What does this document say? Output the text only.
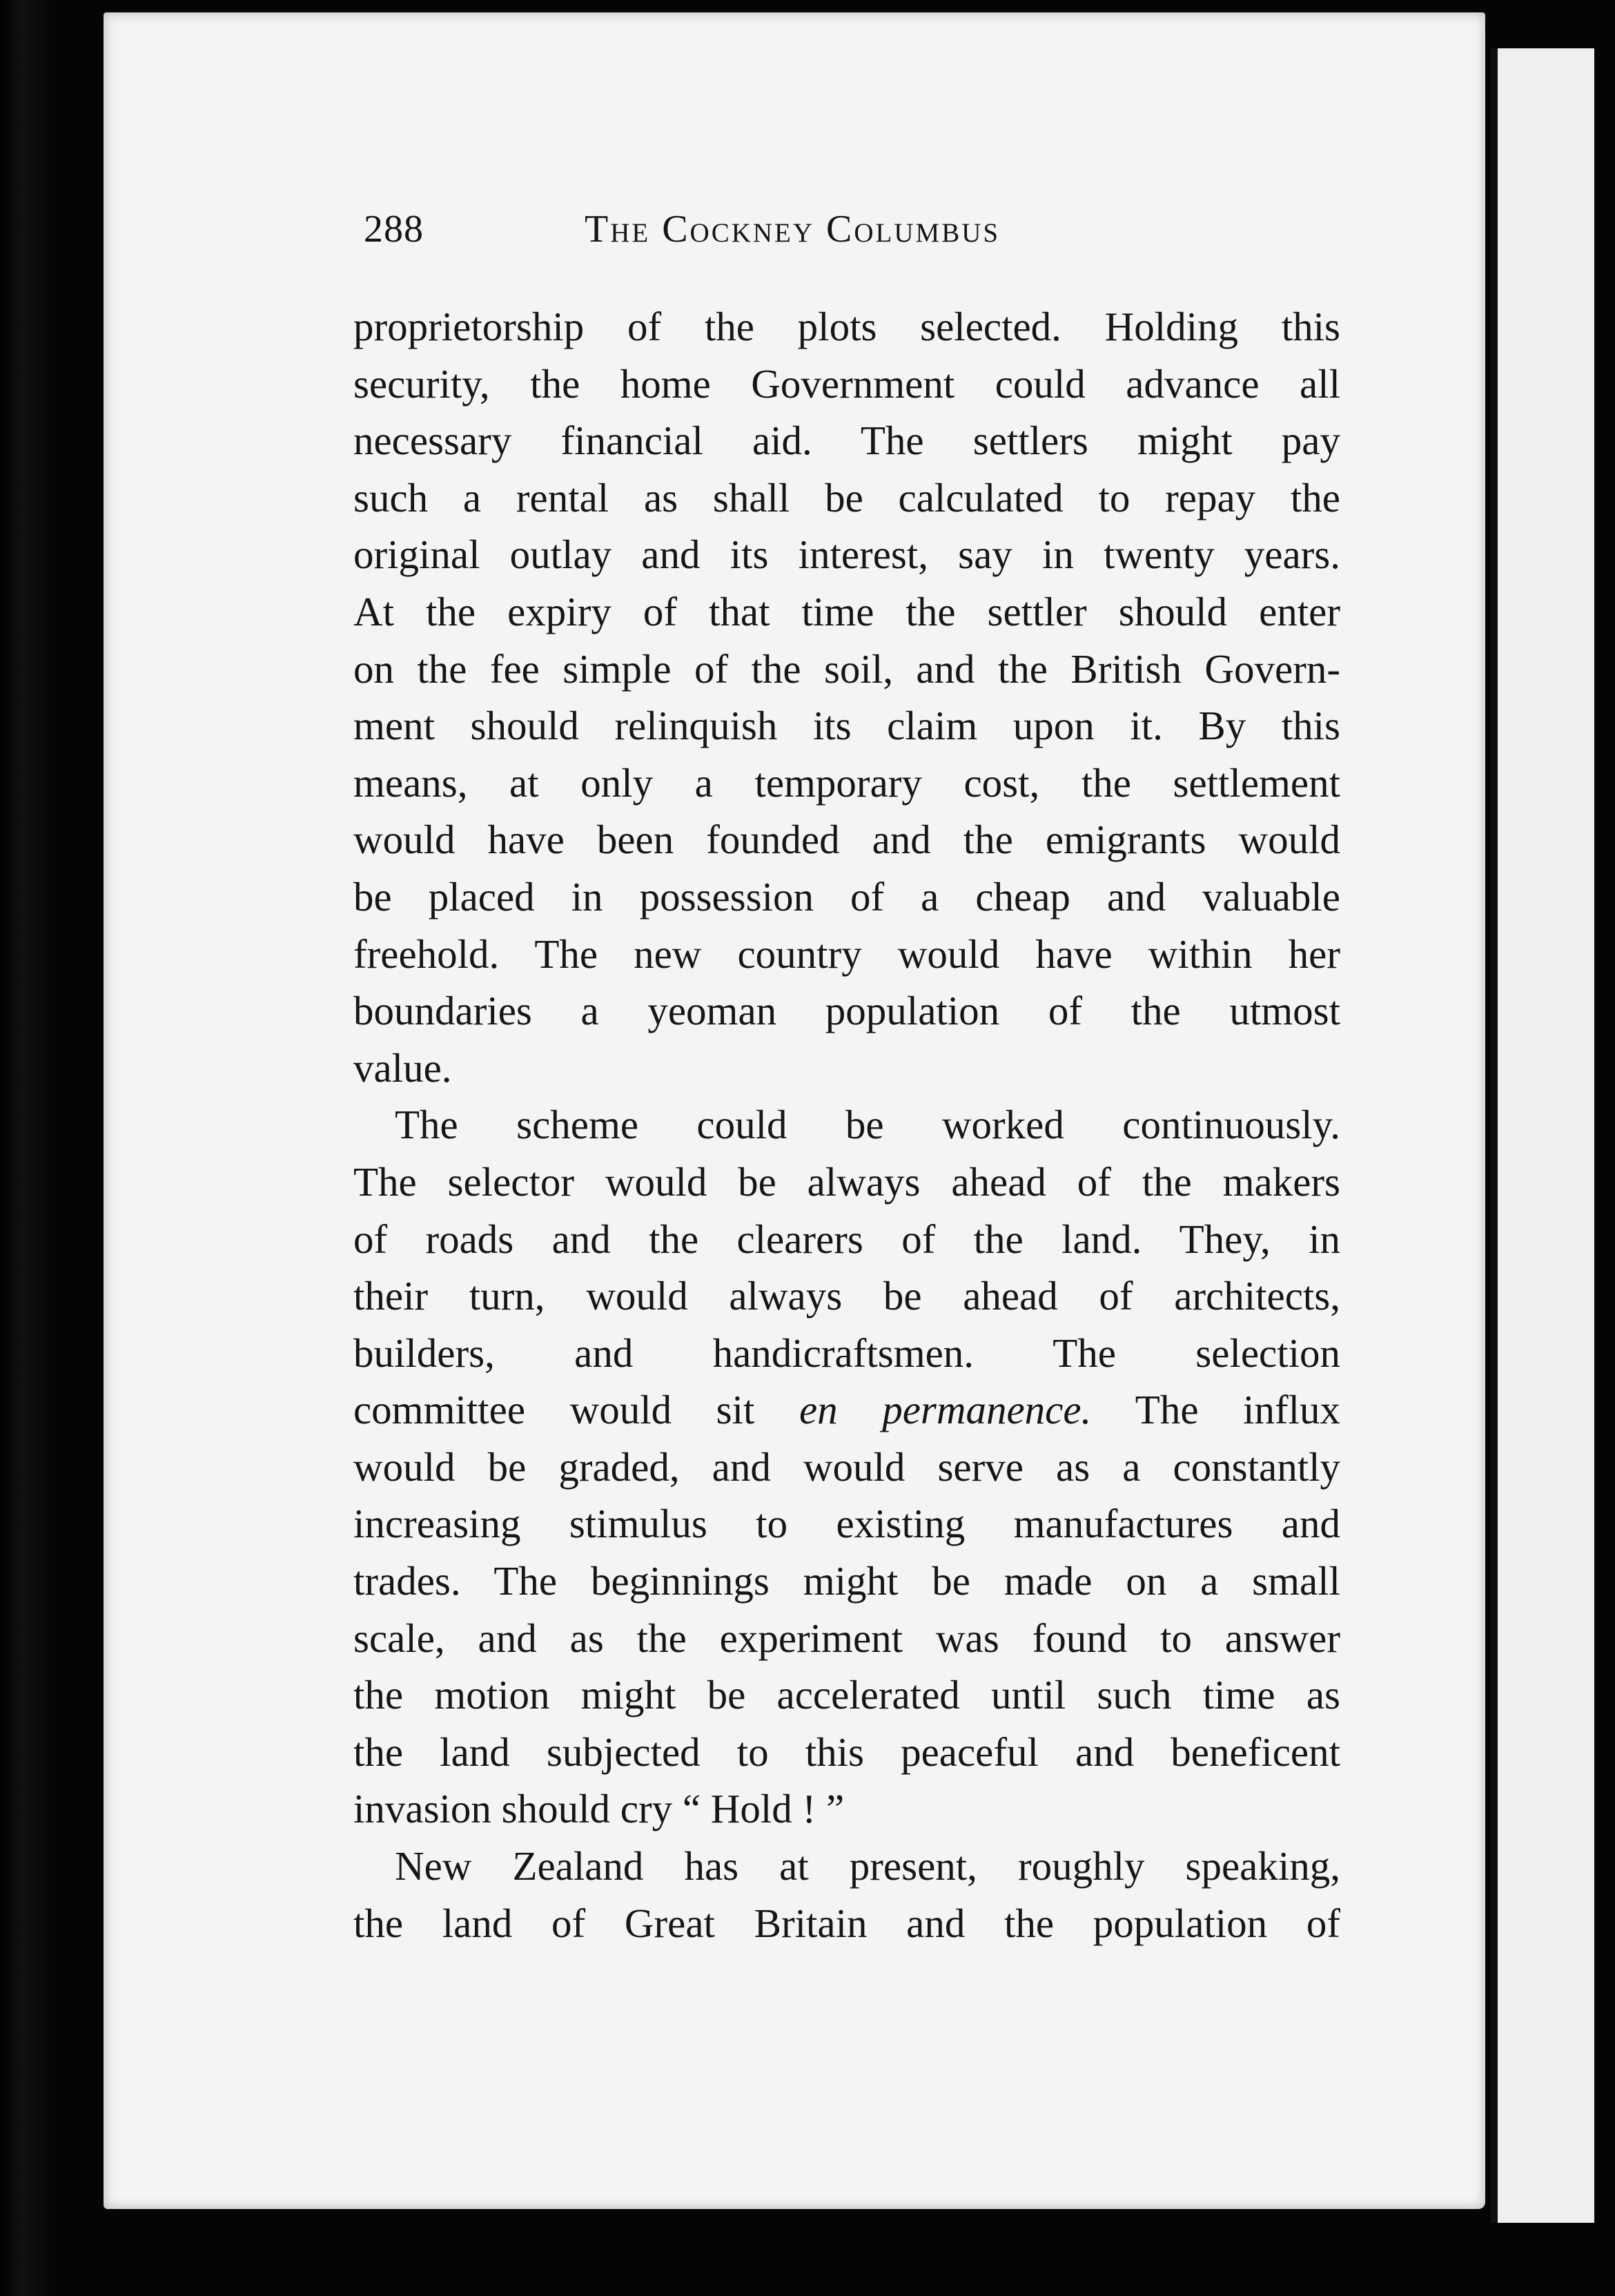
288	The Cockney Columbus
proprietorship of the plots selected. Holding this
security, the home Government could advance all
necessary financial aid. The settlers might pay
such a rental as shall be calculated to repay the
original outlay and its interest, say in twenty years.
At the expiry of that time the settler should enter
on the fee simple of the soil, and the British Govern-
ment should relinquish its claim upon it. By this
means, at only a temporary cost, the settlement
would have been founded and the emigrants would
be placed in possession of a cheap and valuable
freehold. The new country would have within her
boundaries a yeoman population of the utmost
value.
The scheme could be worked continuously.
The selector would be always ahead of the makers
of roads and the clearers of the land. They, in
their turn, would always be ahead of architects,
builders, and handicraftsmen. The selection
committee would sit en permanence. The influx
would be graded, and would serve as a constantly
increasing stimulus to existing manufactures and
trades. The beginnings might be made on a small
scale, and as the experiment was found to answer
the motion might be accelerated until such time as
the land subjected to this peaceful and beneficent
invasion should cry “ Hold ! ”
New Zealand has at present, roughly speaking,
the land of Great Britain and the population of
